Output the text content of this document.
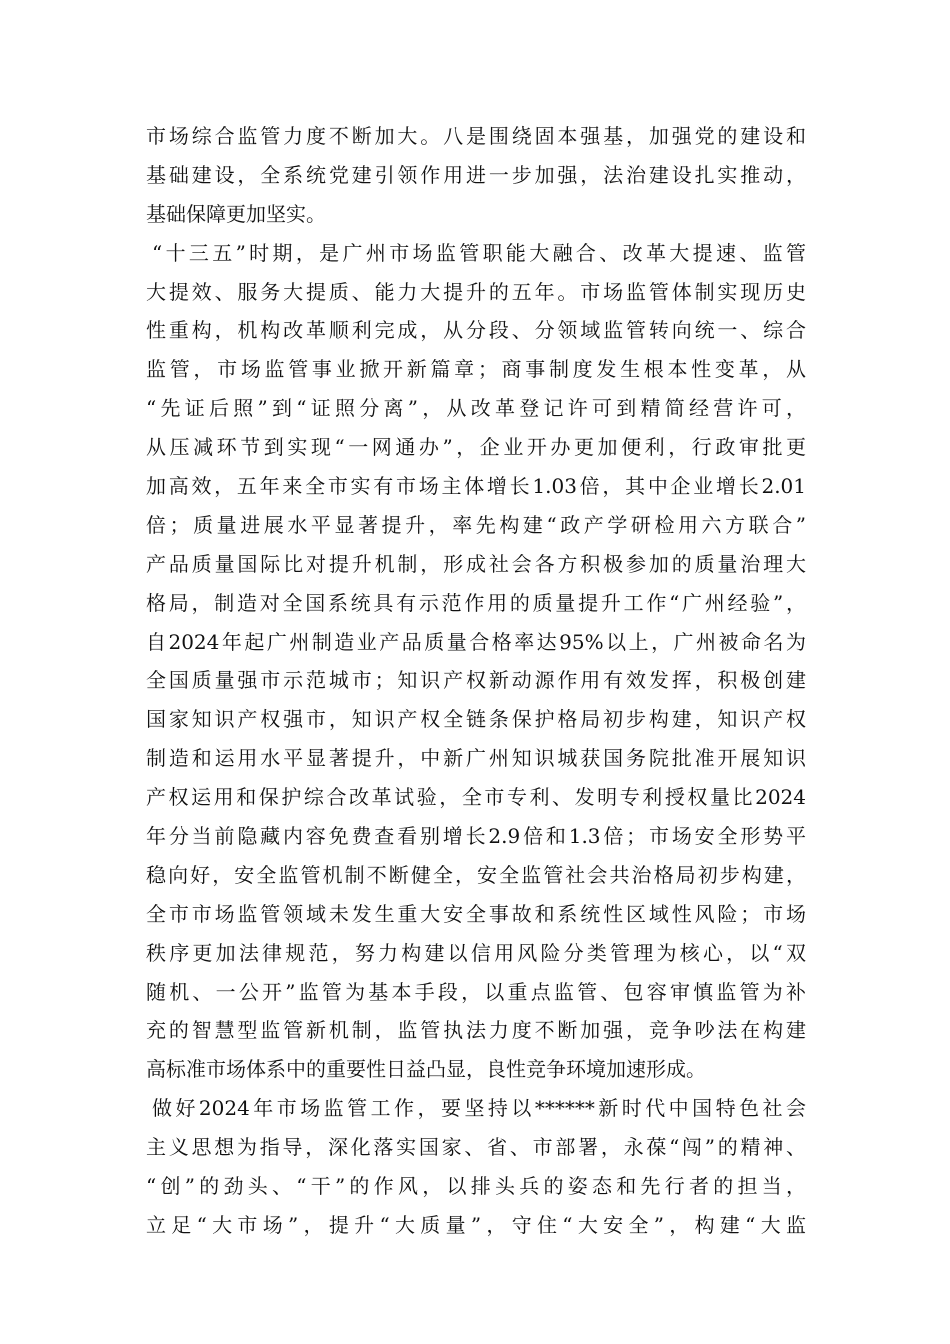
市场综合监管力度不断加大。八是围绕固本强基，加强党的建设和
基础建设，全系统党建引领作用进一步加强，法治建设扎实推动，
基础保障更加坚实。
“十三五”时期，是广州市场监管职能大融合、改革大提速、监管
大提效、服务大提质、能力大提升的五年。市场监管体制实现历史
性重构，机构改革顺利完成，从分段、分领域监管转向统一、综合
监管，市场监管事业掀开新篇章；商事制度发生根本性变革，从
“先证后照”到“证照分离”，从改革登记许可到精简经营许可，
从压减环节到实现“一网通办”，企业开办更加便利，行政审批更
加高效，五年来全市实有市场主体增长1.03倍，其中企业增长2.01
倍；质量进展水平显著提升，率先构建“政产学研检用六方联合”
产品质量国际比对提升机制，形成社会各方积极参加的质量治理大
格局，制造对全国系统具有示范作用的质量提升工作“广州经验”，
自2024年起广州制造业产品质量合格率达95%以上，广州被命名为
全国质量强市示范城市；知识产权新动源作用有效发挥，积极创建
国家知识产权强市，知识产权全链条保护格局初步构建，知识产权
制造和运用水平显著提升，中新广州知识城获国务院批准开展知识
产权运用和保护综合改革试验，全市专利、发明专利授权量比2024
年分当前隐藏内容免费查看别增长2.9倍和1.3倍；市场安全形势平
稳向好，安全监管机制不断健全，安全监管社会共治格局初步构建，
全市市场监管领域未发生重大安全事故和系统性区域性风险；市场
秩序更加法律规范，努力构建以信用风险分类管理为核心，以“双
随机、一公开”监管为基本手段，以重点监管、包容审慎监管为补
充的智慧型监管新机制，监管执法力度不断加强，竞争吵法在构建
高标准市场体系中的重要性日益凸显，良性竞争环境加速形成。
做好2024年市场监管工作，要坚持以******新时代中国特色社会
主义思想为指导，深化落实国家、省、市部署，永葆“闯”的精神、
“创”的劲头、“干”的作风，以排头兵的姿态和先行者的担当，
立足“大市场”，提升“大质量”，守住“大安全”，构建“大监
